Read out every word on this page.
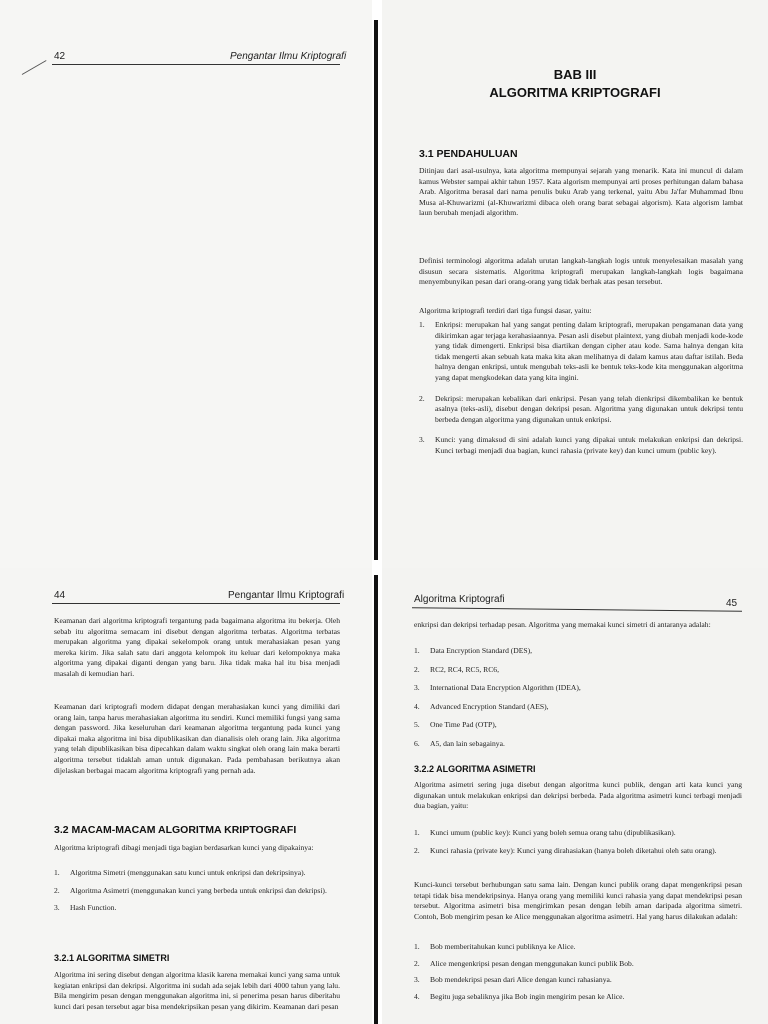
42	Pengantar Ilmu Kriptografi
BAB III
ALGORITMA KRIPTOGRAFI
3.1 PENDAHULUAN

Ditinjau dari asal-usulnya, kata algoritma mempunyai sejarah yang menarik. Kata ini muncul di dalam kamus Webster sampai akhir tahun 1957. Kata algorism mempunyai arti proses perhitungan dalam bahasa Arab. Algoritma berasal dari nama penulis buku Arab yang terkenal, yaitu Abu Ja'far Muhammad Ibnu Musa al-Khuwarizmi (al-Khuwarizmi dibaca oleh orang barat sebagai algorism). Kata algorism lambat laun berubah menjadi algorithm.

Definisi terminologi algoritma adalah urutan langkah-langkah logis untuk menyelesaikan masalah yang disusun secara sistematis. Algoritma kriptografi merupakan langkah-langkah logis bagaimana menyembunyikan pesan dari orang-orang yang tidak berhak atas pesan tersebut.

Algoritma kriptografi terdiri dari tiga fungsi dasar, yaitu:

1. Enkripsi: merupakan hal yang sangat penting dalam kriptografi, merupakan pengamanan data yang dikirimkan agar terjaga kerahasiaannya. Pesan asli disebut plaintext, yang diubah menjadi kode-kode yang tidak dimengerti. Enkripsi bisa diartikan dengan cipher atau kode. Sama halnya dengan kita tidak mengerti akan sebuah kata maka kita akan melihatnya di dalam kamus atau daftar istilah. Beda halnya dengan enkripsi, untuk mengubah teks-asli ke bentuk teks-kode kita menggunakan algoritma yang dapat mengkodekan data yang kita ingini.
2. Dekripsi: merupakan kebalikan dari enkripsi. Pesan yang telah dienkripsi dikembalikan ke bentuk asalnya (teks-asli), disebut dengan dekripsi pesan. Algoritma yang digunakan untuk dekripsi tentu berbeda dengan algoritma yang digunakan untuk enkripsi.
3. Kunci: yang dimaksud di sini adalah kunci yang dipakai untuk melakukan enkripsi dan dekripsi. Kunci terbagi menjadi dua bagian, kunci rahasia (private key) dan kunci umum (public key).
44	Pengantar Ilmu Kriptografi

Keamanan dari algoritma kriptografi tergantung pada bagaimana algoritma itu bekerja. Oleh sebab itu algoritma semacam ini disebut dengan algoritma terbatas. Algoritma terbatas merupakan algoritma yang dipakai sekelompok orang untuk merahasiakan pesan yang mereka kirim. Jika salah satu dari anggota kelompok itu keluar dari kelompoknya maka algoritma yang dipakai diganti dengan yang baru. Jika tidak maka hal itu bisa menjadi masalah di kemudian hari.

Keamanan dari kriptografi modern didapat dengan merahasiakan kunci yang dimiliki dari orang lain, tanpa harus merahasiakan algoritma itu sendiri. Kunci memiliki fungsi yang sama dengan password. Jika keseluruhan dari keamanan algoritma tergantung pada kunci yang dipakai maka algoritma ini bisa dipublikasikan dan dianalisis oleh orang lain. Jika algoritma yang telah dipublikasikan bisa dipecahkan dalam waktu singkat oleh orang lain maka berarti algoritma tersebut tidaklah aman untuk digunakan. Pada pembahasan berikutnya akan dijelaskan berbagai macam algoritma kriptografi yang pernah ada.

3.2 MACAM-MACAM ALGORITMA KRIPTOGRAFI

Algoritma kriptografi dibagi menjadi tiga bagian berdasarkan kunci yang dipakainya:

1. Algoritma Simetri (menggunakan satu kunci untuk enkripsi dan dekripsinya).
2. Algoritma Asimetri (menggunakan kunci yang berbeda untuk enkripsi dan dekripsi).
3. Hash Function.
3.2.1 ALGORITMA SIMETRI

Algoritma ini sering disebut dengan algoritma klasik karena memakai kunci yang sama untuk kegiatan enkripsi dan dekripsi. Algoritma ini sudah ada sejak lebih dari 4000 tahun yang lalu. Bila mengirim pesan dengan menggunakan algoritma ini, si penerima pesan harus diberitahu kunci dari pesan tersebut agar bisa mendekripsikan pesan yang dikirim. Keamanan dari pesan

Algoritma Kriptografi	45

enkripsi dan dekripsi terhadap pesan. Algoritma yang memakai kunci simetri di antaranya adalah:

1. Data Encryption Standard (DES),
2. RC2, RC4, RC5, RC6,
3. International Data Encryption Algorithm (IDEA),
4. Advanced Encryption Standard (AES),
5. One Time Pad (OTP),
6. A5, dan lain sebagainya.
3.2.2 ALGORITMA ASIMETRI

Algoritma asimetri sering juga disebut dengan algoritma kunci publik, dengan arti kata kunci yang digunakan untuk melakukan enkripsi dan dekripsi berbeda. Pada algoritma asimetri kunci terbagi menjadi dua bagian, yaitu:

1. Kunci umum (public key): Kunci yang boleh semua orang tahu (dipublikasikan).
2. Kunci rahasia (private key): Kunci yang dirahasiakan (hanya boleh diketahui oleh satu orang).

Kunci-kunci tersebut berhubungan satu sama lain. Dengan kunci publik orang dapat mengenkripsi pesan tetapi tidak bisa mendekripsinya. Hanya orang yang memiliki kunci rahasia yang dapat mendekripsi pesan tersebut. Algoritma asimetri bisa mengirimkan pesan dengan lebih aman daripada algoritma simetri. Contoh, Bob mengirim pesan ke Alice menggunakan algoritma asimetri. Hal yang harus dilakukan adalah:

1. Bob memberitahukan kunci publiknya ke Alice.
2. Alice mengenkripsi pesan dengan menggunakan kunci publik Bob.
3. Bob mendekripsi pesan dari Alice dengan kunci rahasianya.
4. Begitu juga sebaliknya jika Bob ingin mengirim pesan ke Alice.
